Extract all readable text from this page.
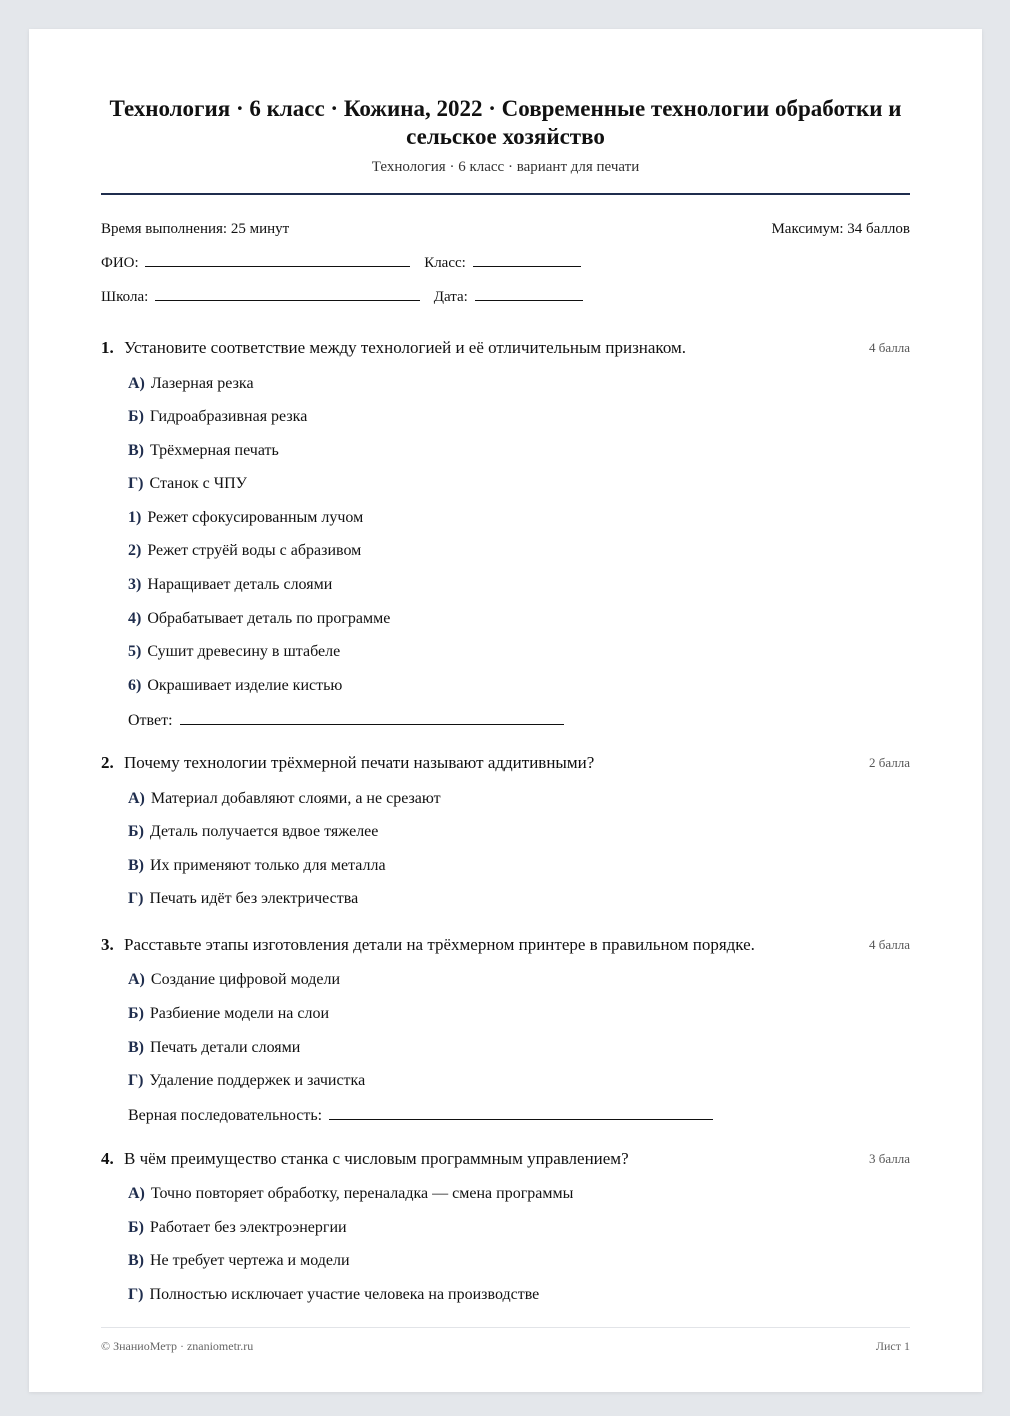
Технология · 6 класс · Кожина, 2022 · Современные технологии обработки и сельское хозяйство
Технология · 6 класс · вариант для печати
Время выполнения: 25 минут	Максимум: 34 баллов
ФИО:	Класс:
Школа:	Дата:
1. Установите соответствие между технологией и её отличительным признаком.	4 балла
А) Лазерная резка
Б) Гидроабразивная резка
В) Трёхмерная печать
Г) Станок с ЧПУ
1) Режет сфокусированным лучом
2) Режет струёй воды с абразивом
3) Наращивает деталь слоями
4) Обрабатывает деталь по программе
5) Сушит древесину в штабеле
6) Окрашивает изделие кистью
Ответ:
2. Почему технологии трёхмерной печати называют аддитивными?	2 балла
А) Материал добавляют слоями, а не срезают
Б) Деталь получается вдвое тяжелее
В) Их применяют только для металла
Г) Печать идёт без электричества
3. Расставьте этапы изготовления детали на трёхмерном принтере в правильном порядке.	4 балла
А) Создание цифровой модели
Б) Разбиение модели на слои
В) Печать детали слоями
Г) Удаление поддержек и зачистка
Верная последовательность:
4. В чём преимущество станка с числовым программным управлением?	3 балла
А) Точно повторяет обработку, переналадка — смена программы
Б) Работает без электроэнергии
В) Не требует чертежа и модели
Г) Полностью исключает участие человека на производстве
© ЗнаниоМетр · znaniometr.ru	Лист 1
